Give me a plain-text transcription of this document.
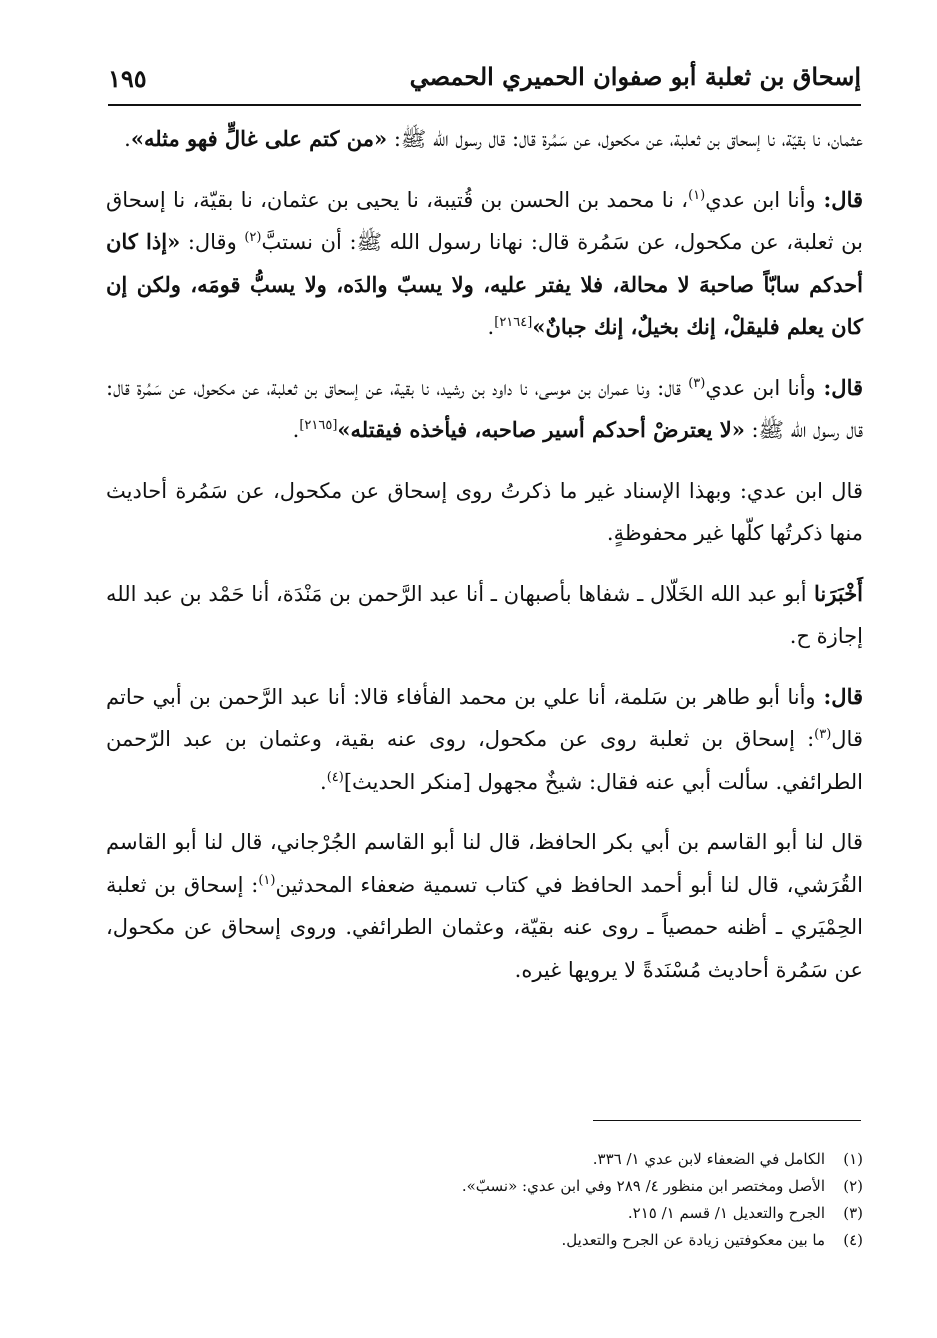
إسحاق بن ثعلبة أبو صفوان الحميري الحمصي
١٩٥

عثمان، نا بقيّة، نا إسحاق بن ثعلبة، عن مكحول، عن سَمُرة قال: قال رسول الله ﷺ: «من كتم على غالٍّ فهو مثله».

قال: وأنا ابن عدي$^{(١)}$، نا محمد بن الحسن بن قُتيبة، نا يحيى بن عثمان، نا بقيّة، نا إسحاق بن ثعلبة، عن مكحول، عن سَمُرة قال: نهانا رسول الله ﷺ: أن نستبَّ$^{(٢)}$ وقال: «إذا كان أحدكم سابّاً صاحبهَ لا محالة، فلا يفتر عليه، ولا يسبّ والدَه، ولا يسبُّ قومَه، ولكن إن كان يعلم فليقلْ، إنك بخيلٌ، إنك جبانٌ»[٢١٦٤].

قال: وأنا ابن عدي$^{(٣)}$ قال: ونا عمران بن موسى، نا داود بن رشيد، نا بقية، عن إسحاق بن ثعلبة، عن مكحول، عن سَمُرة قال: قال رسول الله ﷺ: «لا يعترضْ أحدكم أسير صاحبه، فيأخذه فيقتله»[٢١٦٥].

قال ابن عدي: وبهذا الإسناد غير ما ذكرتُ روى إسحاق عن مكحول، عن سَمُرة أحاديث منها ذكرتُها كلّها غير محفوظةٍ.

أَخْبَرَنا أبو عبد الله الخَلّال ـ شفاها بأصبهان ـ أنا عبد الرَّحمن بن مَنْدَة، أنا حَمْد بن عبد الله إجازة ح.

قال: وأنا أبو طاهر بن سَلمة، أنا علي بن محمد الفأفاء قالا: أنا عبد الرَّحمن بن أبي حاتم قال$^{(٣)}$: إسحاق بن ثعلبة روى عن مكحول، روى عنه بقية، وعثمان بن عبد الرّحمن الطرائفي. سألت أبي عنه فقال: شيخٌ مجهول [منكر الحديث]$^{(٤)}$.

قال لنا أبو القاسم بن أبي بكر الحافظ، قال لنا أبو القاسم الجُرْجاني، قال لنا أبو القاسم القُرَشي، قال لنا أبو أحمد الحافظ في كتاب تسمية ضعفاء المحدثين$^{(١)}$: إسحاق بن ثعلبة الحِمْيَري ـ أظنه حمصياً ـ روى عنه بقيّة، وعثمان الطرائفي. وروى إسحاق عن مكحول، عن سَمُرة أحاديث مُسْنَدةً لا يرويها غيره.

(١)
الكامل في الضعفاء لابن عدي ١/ ٣٣٦.
(٢)
الأصل ومختصر ابن منظور ٤/ ٢٨٩ وفي ابن عدي: «نسبّ».
(٣)
الجرح والتعديل ١/ قسم ١/ ٢١٥.
(٤)
ما بين معكوفتين زيادة عن الجرح والتعديل.
